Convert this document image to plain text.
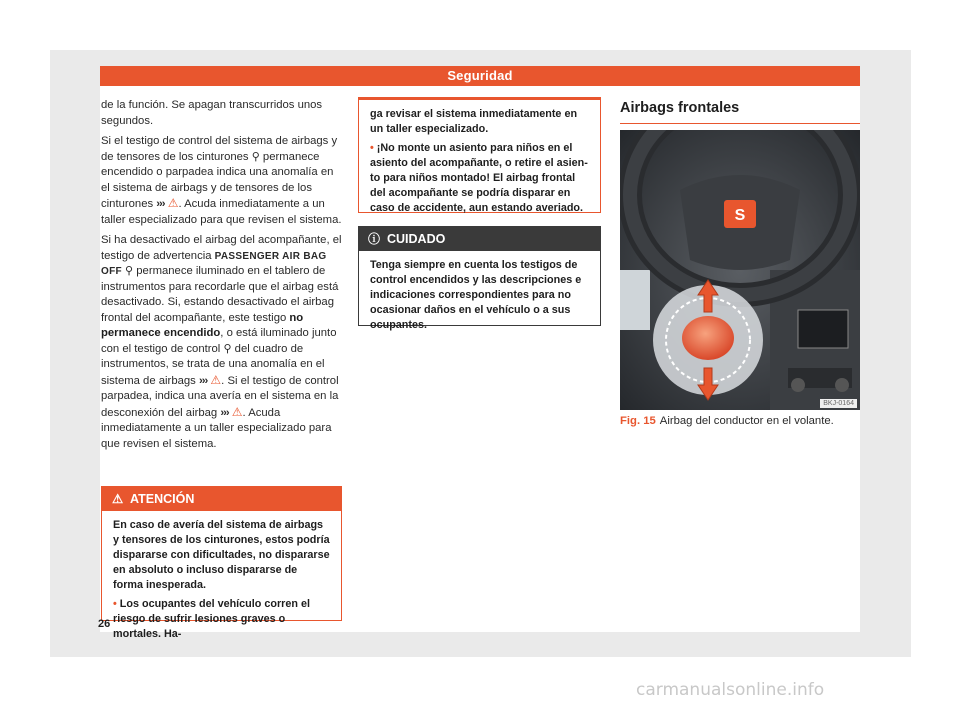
Seguridad

de la función. Se apagan transcurridos unos segundos.

Si el testigo de control del sistema de airbags y de tensores de los cinturones ⚲ permanece encendido o parpadea indica una anomalía en el sistema de airbags y de tensores de los cinturones ››› ⚠. Acuda inmediatamente a un taller especializado para que revisen el sistema.

Si ha desactivado el airbag del acompañante, el testigo de advertencia PASSENGER AIR BAG OFF ⚲ permanece iluminado en el tablero de instrumentos para recordarle que el airbag está desactivado. Si, estando desactivado el airbag frontal del acompañante, este testigo no permanece encendido, o está iluminado junto con el testigo de control ⚲ del cuadro de instrumentos, se trata de una anomalía en el sistema de airbags ››› ⚠. Si el testigo de control parpadea, indica una avería en el sistema en la desconexión del airbag ››› ⚠. Acuda inmediatamente a un taller especializado para que revisen el sistema.

⚠ ATENCIÓN

En caso de avería del sistema de airbags y tensores de los cinturones, estos podría dispararse con dificultades, no dispararse en absoluto o incluso dispararse de forma inesperada.

• Los ocupantes del vehículo corren el riesgo de sufrir lesiones graves o mortales. Ha-

ga revisar el sistema inmediatamente en un taller especializado.

• ¡No monte un asiento para niños en el asiento del acompañante, o retire el asiento para niños montado! El airbag frontal del acompañante se podría disparar en caso de accidente, aun estando averiado.

ⓘ CUIDADO

Tenga siempre en cuenta los testigos de control encendidos y las descripciones e indicaciones correspondientes para no ocasionar daños en el vehículo o a sus ocupantes.

Airbags frontales
S
BKJ-0164
Fig. 15 Airbag del conductor en el volante.
26
carmanualsonline.info
